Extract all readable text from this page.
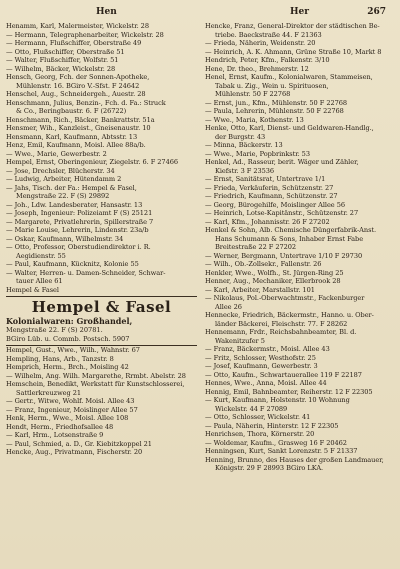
Hen	Her	267
Henamm, Karl, Malermeister, Wickelstr. 28
— Hermann, Telegraphenarbeiter, Wickelstr. 28
— Hermann, Flußschiffer, Oberstraße 49
— Otto, Flußschiffer, Oberstraße 51
— Walter, Flußschiffer, Wolfstr. 51
— Wilhelm, Bäcker, Wickelstr. 28
Hensch, Georg, Fch. der Sonnen-Apotheke,
Mühlenstr. 16. BGiro V.-Sfst. F 24642
Henschel, Aug., Schneidergeh., Auestr. 28
Henschmann, Julius, Benzin-, Fch. d. Fa.: Struck
& Co., Beringbaustr. 6. F (26722)
Henschmann, Rich., Bäcker, Bankrattstr. 51a
Hensmer, Wih., Kanzleist., Gneisenaustr. 10
Hensmann, Karl, Kaufmann, Abtsstr. 13
Henz, Emil, Kaufmann, Moisl. Allee 88a/b.
— Wwe., Marie, Gewerbestr. 2
Hempel, Ernst, Oberingenieur, Ziegelstr. 6. F 27466
— Jose, Drechsler, Blücherstr. 34
— Ludwig, Arbeiter, Hütendamm 2
— Jahs, Tisch. der Fa.: Hempel & Fasel,
Mengstraße 22. F (S) 29892
— Joh., Ldw. Landesberater, Hansastr. 13
— Joseph, Ingenieur: Polizeiamt F (S) 25121
— Margarete, Privatlehrerin, Spillerstraße 7
— Marie Louise, Lehrerin, Lindenstr. 23a/b
— Oskar, Kaufmann, Wilhelmstr. 34
— Otto, Professor, Oberstudiendirektor i. R.
Aegidienstr. 55
— Paul, Kaufmann, Kücknitz, Kolonie 55
— Walter, Herren- u. Damen-Schneider, Schwar-
tauer Allee 61
Hempel & Fasel
Hempel & Fasel
Kolonialwaren: Großhandel,
Mengstraße 22. F (S) 20781.
BGiro Lüb. u. Commb. Postsch. 5907
Hempel, Gust., Wwe., Wilh., Wahnstr. 67
Hempling, Hans, Arb., Tanzstr. 8
Hemprich, Herm., Brch., Moisling 42
— Wilhelm, Ang. Wilh. Margarethe, Rrmbt. Abelstr. 28
Hemschein, Benedikt, Werkstatt für Kunstschlosserei,
Sattlerkreuzweg 21
— Gertr., Witwe, Wohlf. Moisl. Allee 43
— Franz, Ingenieur, Moislinger Allee 57
Henk, Herm., Wwe., Moisl. Allee 108
Hendt, Herm., Friedhofsallee 48
— Karl, Hrm., Lotsenstraße 9
— Paul, Schmied, a. D., Gr. Kiebitzkoppel 21
Hencke, Aug., Privatmann, Fischerstr. 20
Hencke, Franz, General-Direktor der städtischen Be-
triebe. Baeckstraße 44. F 21363
— Frieda, Näherin, Weidenstr. 20
— Heinrich, A. K. Ahmann, Grüne Straße 10, Markt 8
Hendrich, Peter, Kfm., Falkenstr. 3/10
Hene, Dr. theo., Brehmerstr. 12
Henel, Ernst, Kaufm., Kolonialwaren, Stammeisen,
Tabak u. Zig., Wein u. Spirituosen,
Mühlenstr. 50 F 22768
— Ernst, jun., Kfm., Mühlenstr. 50 F 22768
— Paula, Lehrerin, Mühlenstr. 50 F 22768
— Wwe., Maria, Kothenstr. 13
Henke, Otto, Karl, Dienst- und Geldwaren-Handlg.,
der Burgstr. 43
— Minna, Bäckerstr. 13
— Wwe., Marie, Popbrinkstr. 53
Henkel, Ad., Rasseur, berit. Wäger und Zähler,
Kiefstr. 3 F 23536
— Ernst, Sanitätsrat, Untertrave 1/1
— Frieda, Verkäuferin, Schützenstr. 27
— Friedrich, Kaufmann, Schützenstr. 27
— Georg, Bürogehilfe, Moislinger Allee 56
— Heinrich, Lotse-Kapitänstr., Schützenstr. 27
— Karl, Kfm., Johannisstr. 26 F 27202
Henkel & Sohn, Alb. Chemische Düngerfabrik-Anst.
Hans Schumann & Sons, Inhaber Ernst Fabe
Breitestraße 22 F 27202
— Werner, Bergmann, Untertrave 1/10 F 29730
— Wilh., Ob.-Zollsekr., Fallenstr. 26
Henkler, Wwe., Wolfh., St. Jürgen-Ring 25
Henner, Aug., Mechaniker, Ellerbrook 28
— Karl, Arbeiter, Marstallstr. 101
— Nikolaus, Pol.-Oberwachtmstr., Fackenburger
Allee 26
Hennecke, Friedrich, Bäckermstr., Hanno. u. Ober-
länder Bäckerei, Fleischstr. 77. F 28262
Hennemann, Frdr., Reichsbahnbeamter, Bl. d.
Wakenitzufer 5
— Franz, Bäckermstr., Moisl. Allee 43
— Fritz, Schlosser, Westhofstr. 25
— Josef, Kaufmann, Gewerbestr. 3
— Otto, Kaufm., Schwartauerallee 119 F 22187
Hennes, Wwe., Anna, Moisl. Allee 44
Hennig, Emil, Bahnbeamter, Reiherstr. 12 F 22305
— Kurt, Kaufmann, Holstenstr. 10 Wohnung
Wickelstr. 44 F 27089
— Otto, Schlosser, Wickelstr. 41
— Paula, Näherin, Hinterstr. 12 F 22305
Henrichsen, Thora, Körnerstr. 20
— Woldemar, Kaufm., Grasweg 16 F 20462
Henningsen, Kurt, Sankt Lorenzstr. 5 F 21337
Henning, Brunno, des Hauses der großen Landmauer,
Königstr. 29 F 28993 BGiro LKA.
